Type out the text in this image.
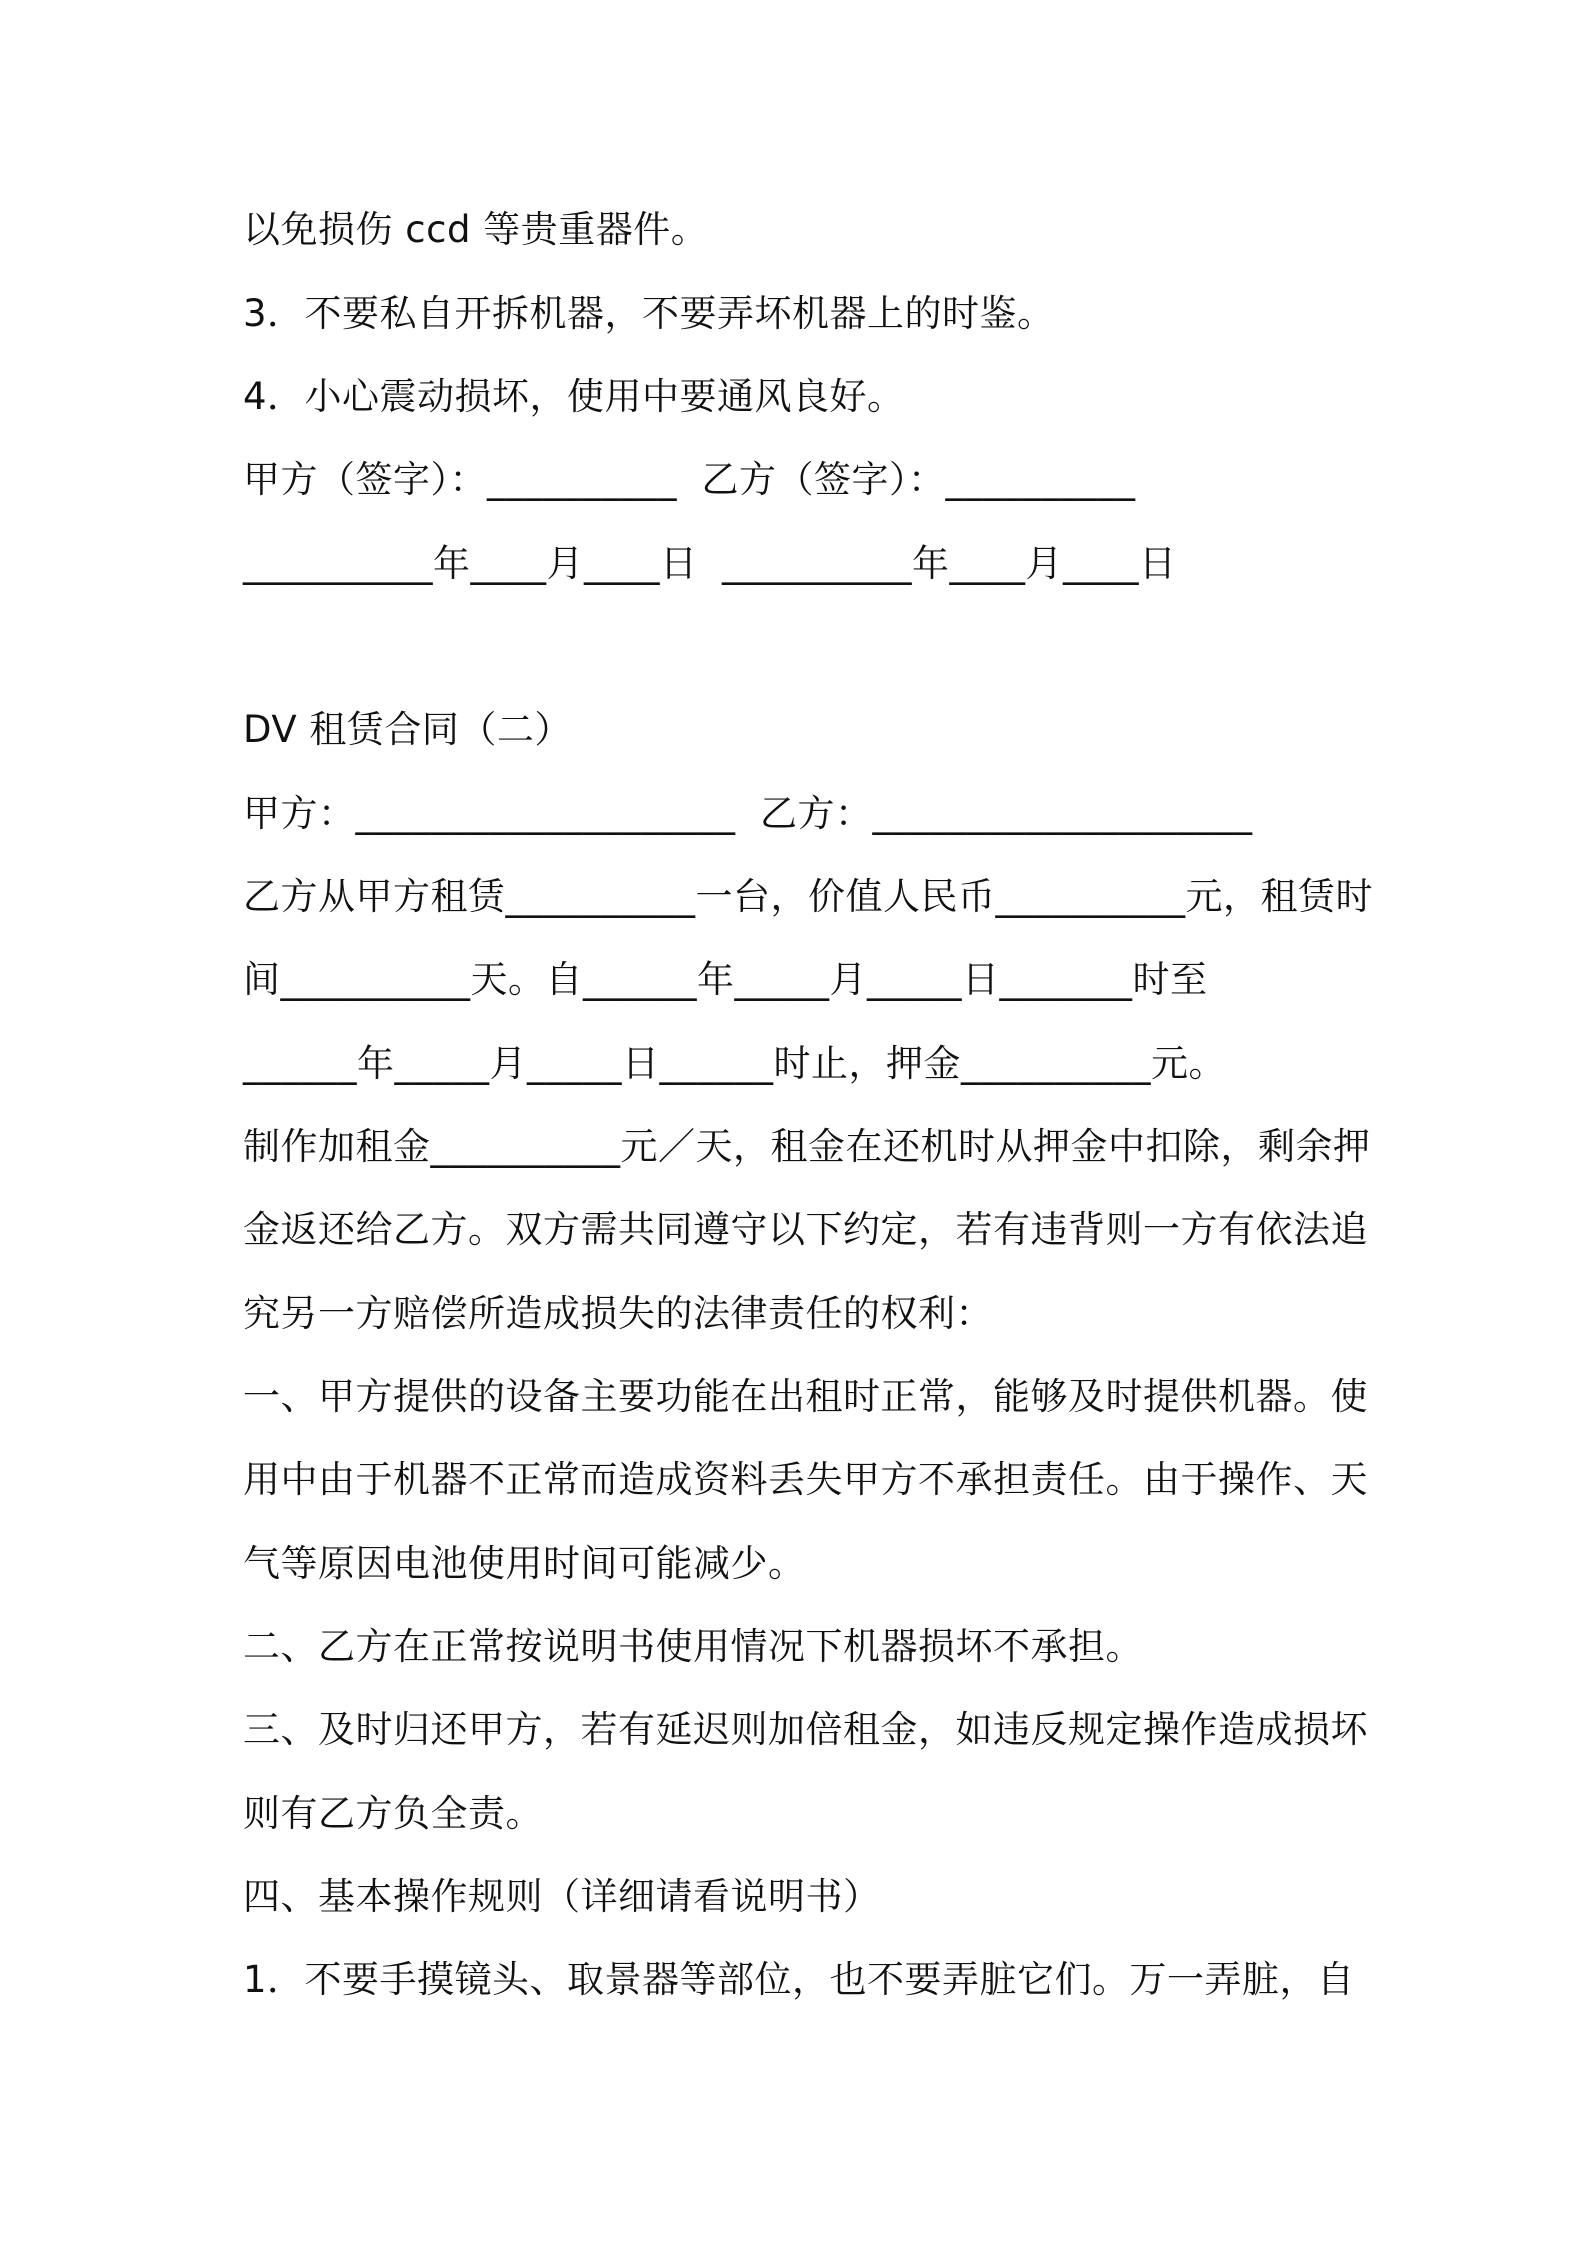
以免损伤 ccd 等贵重器件。
3．不要私自开拆机器，不要弄坏机器上的时鉴。
4．小心震动损坏，使用中要通风良好。
甲方（签字）：__________  乙方（签字）：__________
__________年____月____日  __________年____月____日
DV 租赁合同（二）
甲方：____________________  乙方：____________________
乙方从甲方租赁__________一台，价值人民币__________元，租赁时
间__________天。自______年_____月_____日_______时至
______年_____月_____日______时止，押金__________元。
制作加租金__________元／天，租金在还机时从押金中扣除，剩余押
金返还给乙方。双方需共同遵守以下约定，若有违背则一方有依法追
究另一方赔偿所造成损失的法律责任的权利：
一、甲方提供的设备主要功能在出租时正常，能够及时提供机器。使
用中由于机器不正常而造成资料丢失甲方不承担责任。由于操作、天
气等原因电池使用时间可能减少。
二、乙方在正常按说明书使用情况下机器损坏不承担。
三、及时归还甲方，若有延迟则加倍租金，如违反规定操作造成损坏
则有乙方负全责。
四、基本操作规则（详细请看说明书）
1．不要手摸镜头、取景器等部位，也不要弄脏它们。万一弄脏，自
